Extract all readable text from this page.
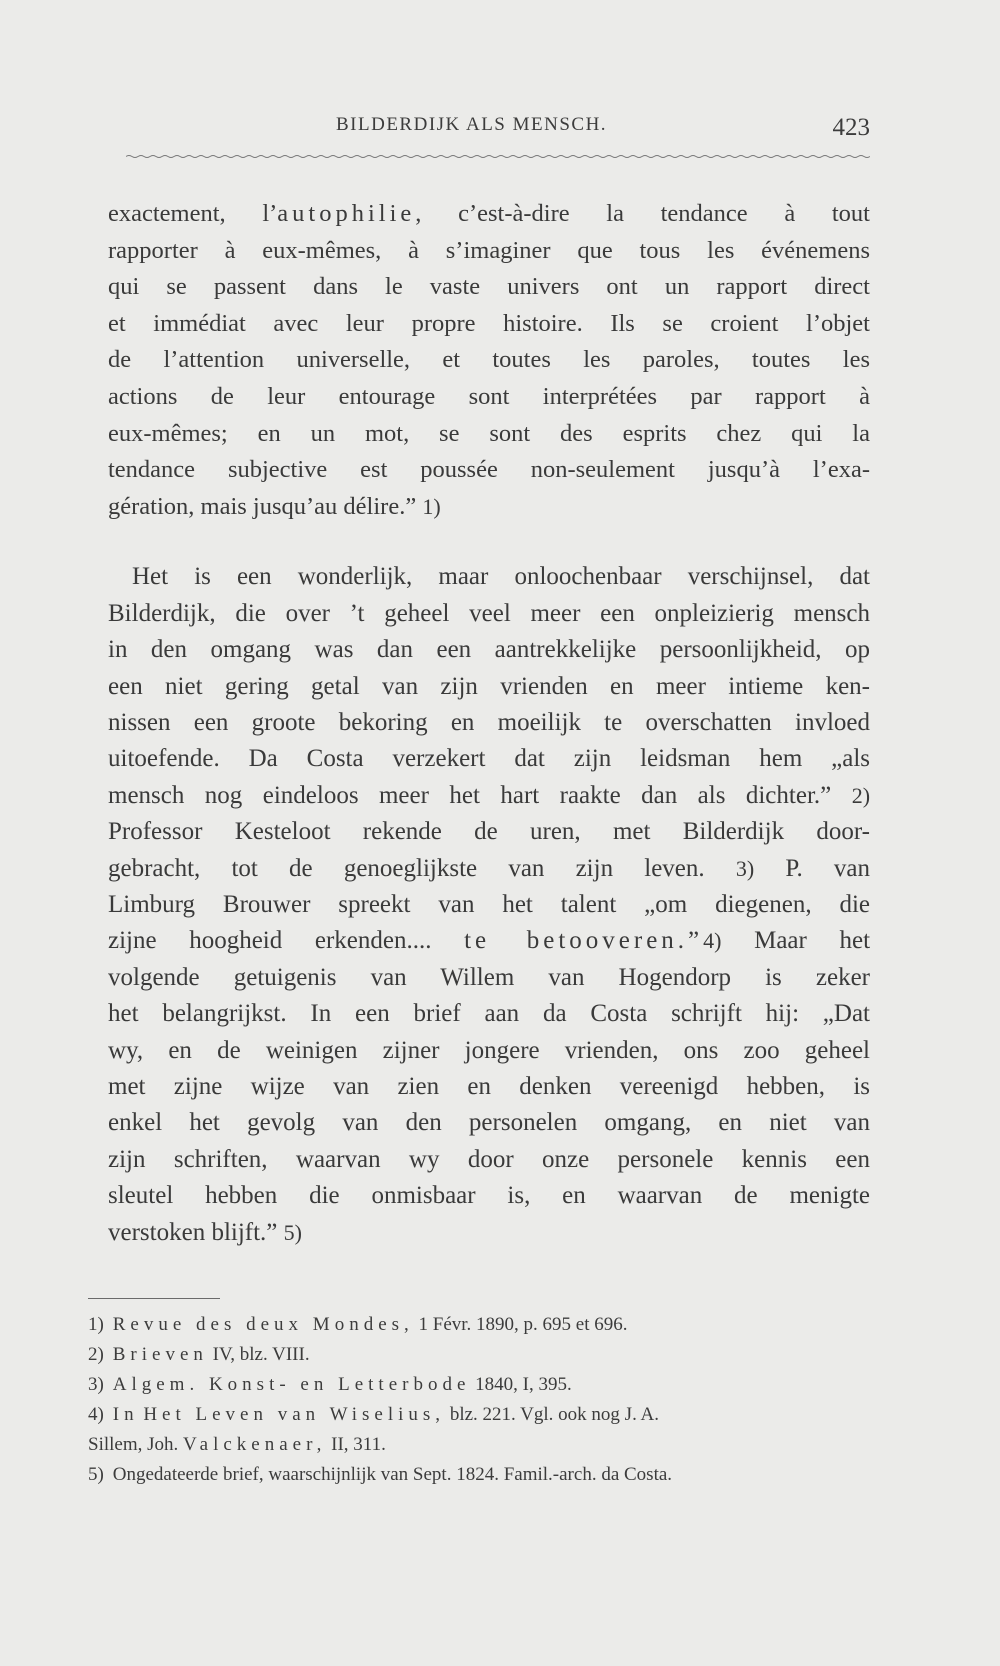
BILDERDIJK ALS MENSCH.	423

exactement, l’autophilie, c’est-à-dire la tendance à tout
rapporter à eux-mêmes, à s’imaginer que tous les événemens
qui se passent dans le vaste univers ont un rapport direct
et immédiat avec leur propre histoire. Ils se croient l’objet
de l’attention universelle, et toutes les paroles, toutes les
actions de leur entourage sont interprétées par rapport à
eux-mêmes; en un mot, se sont des esprits chez qui la
tendance subjective est poussée non-seulement jusqu’à l’exa-
gération, mais jusqu’au délire.” 1)

Het is een wonderlijk, maar onloochenbaar verschijnsel, dat
Bilderdijk, die over ’t geheel veel meer een onpleizierig mensch
in den omgang was dan een aantrekkelijke persoonlijkheid, op
een niet gering getal van zijn vrienden en meer intieme ken-
nissen een groote bekoring en moeilijk te overschatten invloed
uitoefende. Da Costa verzekert dat zijn leidsman hem „als
mensch nog eindeloos meer het hart raakte dan als dichter.” 2)
Professor Kesteloot rekende de uren, met Bilderdijk door-
gebracht, tot de genoeglijkste van zijn leven. 3) P. van
Limburg Brouwer spreekt van het talent „om diegenen, die
zijne hoogheid erkenden.... te betooveren.”4) Maar het
volgende getuigenis van Willem van Hogendorp is zeker
het belangrijkst. In een brief aan da Costa schrijft hij: „Dat
wy, en de weinigen zijner jongere vrienden, ons zoo geheel
met zijne wijze van zien en denken vereenigd hebben, is
enkel het gevolg van den personelen omgang, en niet van
zijn schriften, waarvan wy door onze personele kennis een
sleutel hebben die onmisbaar is, en waarvan de menigte
verstoken blijft.” 5)

1) Revue des deux Mondes, 1 Févr. 1890, p. 695 et 696.
2) Brieven IV, blz. VIII.
3) Algem. Konst- en Letterbode 1840, I, 395.
4) In Het Leven van Wiselius, blz. 221. Vgl. ook nog J. A.
Sillem, Joh. Valckenaer, II, 311.
5) Ongedateerde brief, waarschijnlijk van Sept. 1824. Famil.-arch. da Costa.
